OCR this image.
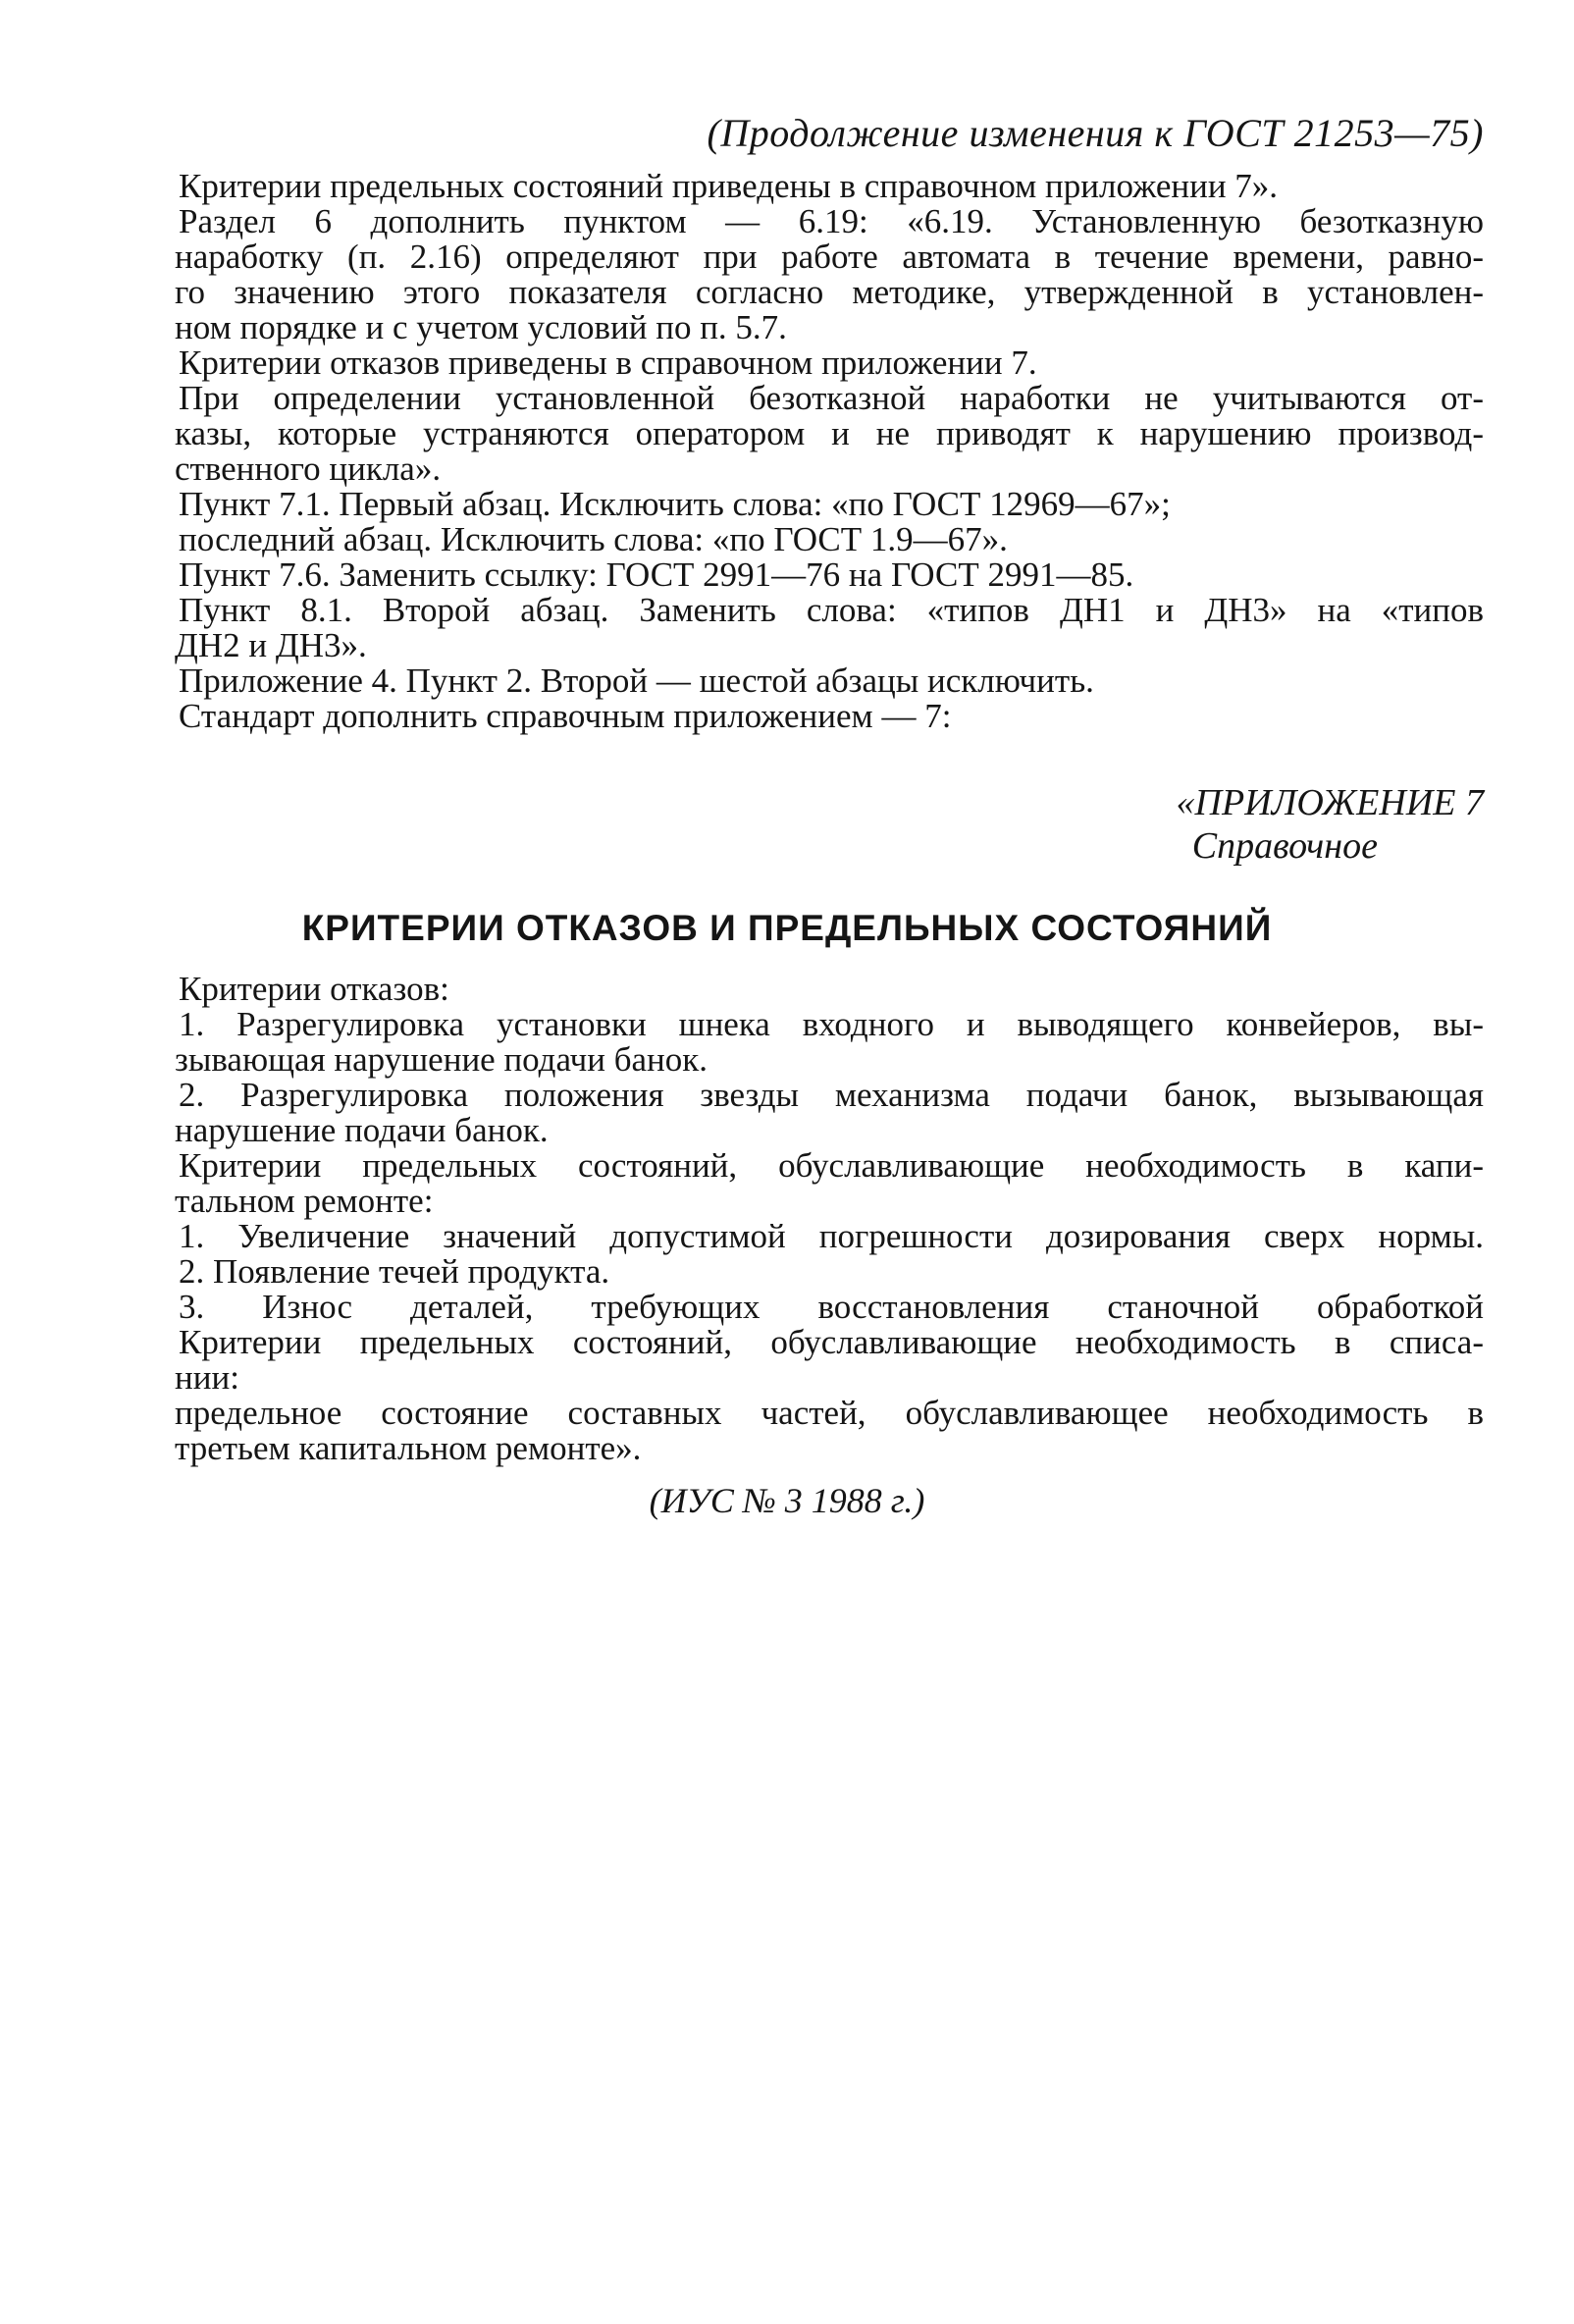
(Продолжение изменения к ГОСТ 21253—75)
Критерии предельных состояний приведены в справочном приложении 7».
Раздел 6 дополнить пунктом — 6.19: «6.19. Установленную безотказную
наработку (п. 2.16) определяют при работе автомата в течение времени, равно-
го значению этого показателя согласно методике, утвержденной в установлен-
ном порядке и с учетом условий по п. 5.7.
Критерии отказов приведены в справочном приложении 7.
При определении установленной безотказной наработки не учитываются от-
казы, которые устраняются оператором и не приводят к нарушению производ-
ственного цикла».
Пункт 7.1. Первый абзац. Исключить слова: «по ГОСТ 12969—67»;
последний абзац. Исключить слова: «по ГОСТ 1.9—67».
Пункт 7.6. Заменить ссылку: ГОСТ 2991—76 на ГОСТ 2991—85.
Пункт 8.1. Второй абзац. Заменить слова: «типов ДН1 и ДН3» на «типов
ДН2 и ДН3».
Приложение 4. Пункт 2. Второй — шестой абзацы исключить.
Стандарт дополнить справочным приложением — 7:
«ПРИЛОЖЕНИЕ 7
Справочное
КРИТЕРИИ ОТКАЗОВ И ПРЕДЕЛЬНЫХ СОСТОЯНИЙ
Критерии отказов:
1. Разрегулировка установки шнека входного и выводящего конвейеров, вы-
зывающая нарушение подачи банок.
2. Разрегулировка положения звезды механизма подачи банок, вызывающая
нарушение подачи банок.
Критерии предельных состояний, обуславливающие необходимость в капи-
тальном ремонте:
1. Увеличение значений допустимой погрешности дозирования сверх нормы.
2. Появление течей продукта.
3. Износ деталей, требующих восстановления станочной обработкой
Критерии предельных состояний, обуславливающие необходимость в списа-
нии:
предельное состояние составных частей, обуславливающее необходимость в
третьем капитальном ремонте».
(ИУС № 3 1988 г.)
